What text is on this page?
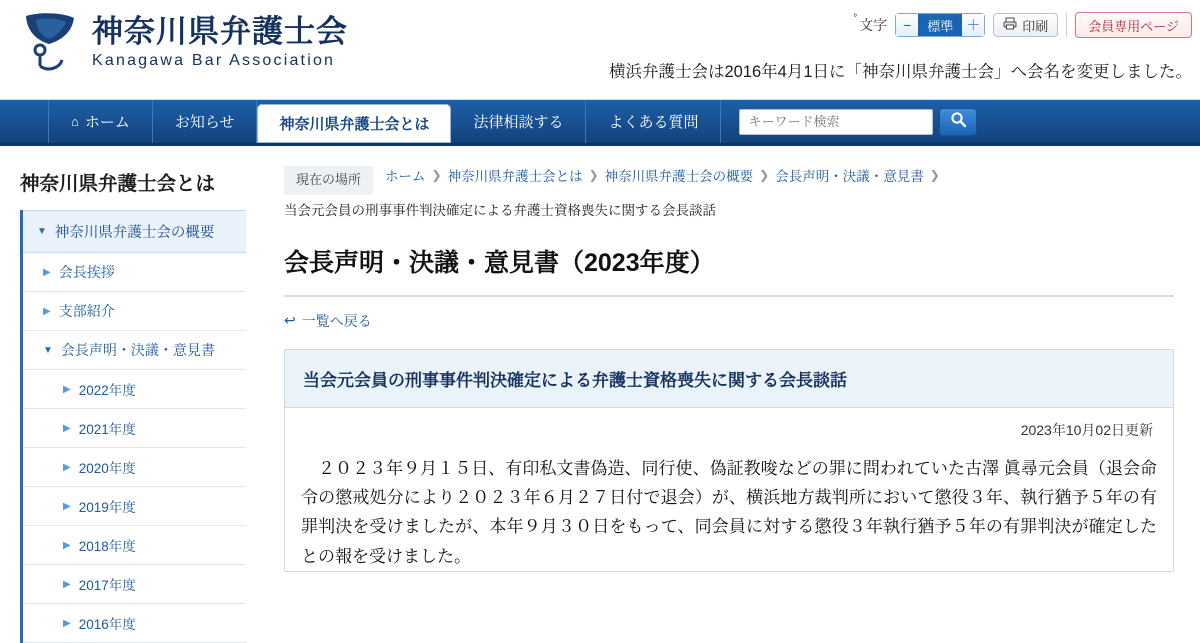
神奈川県弁護士会
Kanagawa Bar Association
° 文字	−	標準 ＋	印刷	会員専用ページ
横浜弁護士会は2016年4月1日に「神奈川県弁護士会」へ会名を変更しました。
⌂ ホーム	お知らせ	神奈川県弁護士会とは	法律相談する	よくある質問
キーワード検索
神奈川県弁護士会とは
▼ 神奈川県弁護士会の概要
▶ 会長挨拶
▶ 支部紹介
▼ 会長声明・決議・意見書
▶ 2022年度
▶ 2021年度
▶ 2020年度
▶ 2019年度
▶ 2018年度
▶ 2017年度
▶ 2016年度
現在の場所	ホーム ❯ 神奈川県弁護士会とは ❯ 神奈川県弁護士会の概要 ❯ 会長声明・決議・意見書 ❯
当会元会員の刑事事件判決確定による弁護士資格喪失に関する会長談話
会長声明・決議・意見書（2023年度）
↩ 一覧へ戻る
当会元会員の刑事事件判決確定による弁護士資格喪失に関する会長談話
2023年10月02日更新
　２０２３年９月１５日、有印私文書偽造、同行使、偽証教唆などの罪に問われていた古澤 眞尋元会員（退会命令の懲戒処分により２０２３年６月２７日付で退会）が、横浜地方裁判所において懲役３年、執行猶予５年の有罪判決を受けましたが、本年９月３０日をもって、同会員に対する懲役３年執行猶予５年の有罪判決が確定したとの報を受けました。
